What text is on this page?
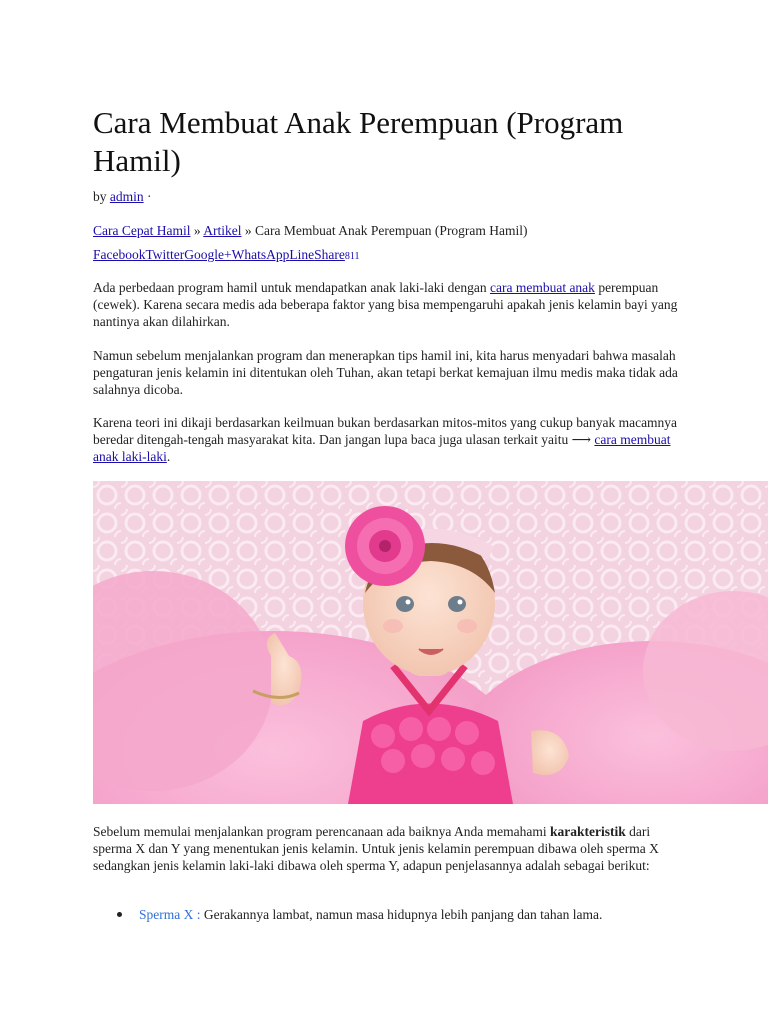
Cara Membuat Anak Perempuan (Program Hamil)
by admin ·
Cara Cepat Hamil » Artikel » Cara Membuat Anak Perempuan (Program Hamil)
FacebookTwitterGoogle+WhatsAppLineShare811

Ada perbedaan program hamil untuk mendapatkan anak laki-laki dengan cara membuat anak perempuan (cewek). Karena secara medis ada beberapa faktor yang bisa mempengaruhi apakah jenis kelamin bayi yang nantinya akan dilahirkan.

Namun sebelum menjalankan program dan menerapkan tips hamil ini, kita harus menyadari bahwa masalah pengaturan jenis kelamin ini ditentukan oleh Tuhan, akan tetapi berkat kemajuan ilmu medis maka tidak ada salahnya dicoba.

Karena teori ini dikaji berdasarkan keilmuan bukan berdasarkan mitos-mitos yang cukup banyak macamnya beredar ditengah-tengah masyarakat kita. Dan jangan lupa baca juga ulasan terkait yaitu ⟶ cara membuat anak laki-laki.

Sebelum memulai menjalankan program perencanaan ada baiknya Anda memahami karakteristik dari sperma X dan Y yang menentukan jenis kelamin. Untuk jenis kelamin perempuan dibawa oleh sperma X sedangkan jenis kelamin laki-laki dibawa oleh sperma Y, adapun penjelasannya adalah sebagai berikut:

Sperma X : Gerakannya lambat, namun masa hidupnya lebih panjang dan tahan lama.
